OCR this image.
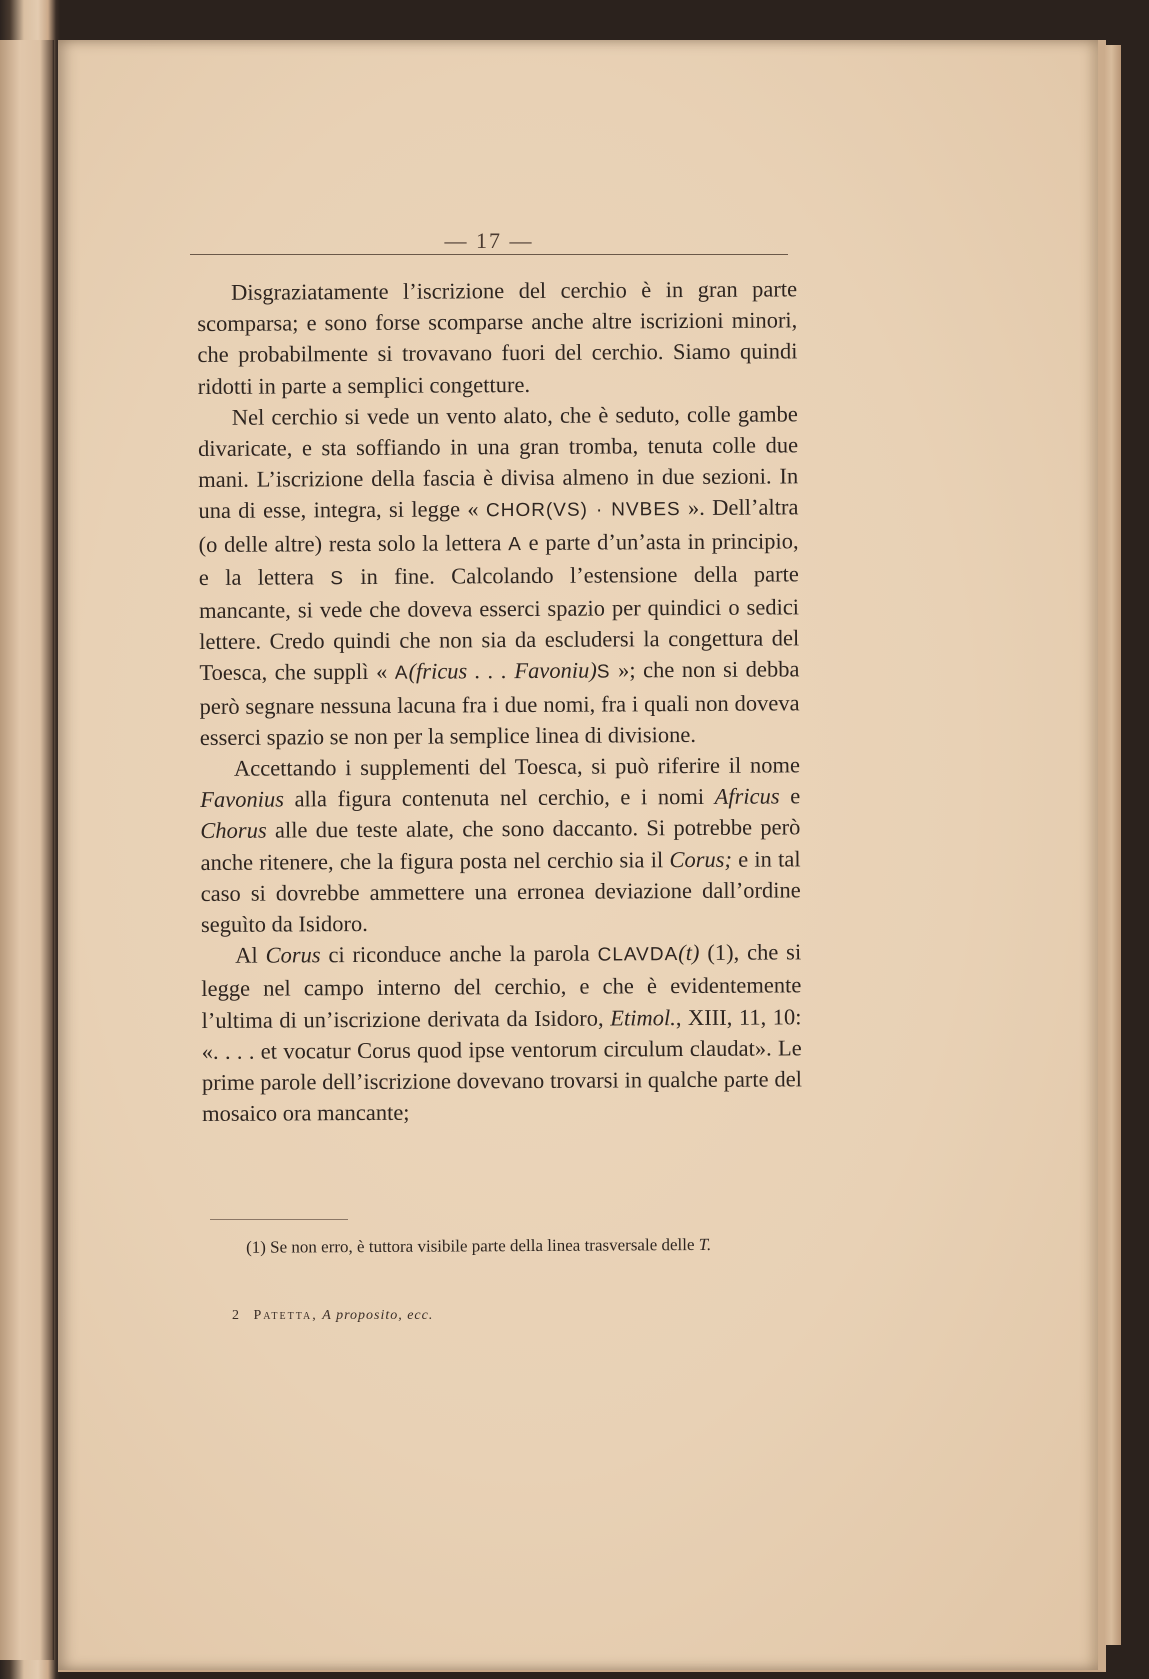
— 17 —

Disgraziatamente l’iscrizione del cerchio è in gran parte scomparsa; e sono forse scomparse anche altre iscrizioni minori, che probabilmente si trovavano fuori del cerchio. Siamo quindi ridotti in parte a semplici congetture.

Nel cerchio si vede un vento alato, che è seduto, colle gambe divaricate, e sta soffiando in una gran tromba, tenuta colle due mani. L’iscrizione della fascia è divisa almeno in due sezioni. In una di esse, integra, si legge « CHOR(VS) · NVBES ». Dell’altra (o delle altre) resta solo la lettera A e parte d’un’asta in principio, e la lettera S in fine. Calcolando l’estensione della parte mancante, si vede che doveva esserci spazio per quindici o sedici lettere. Credo quindi che non sia da escludersi la congettura del Toesca, che supplì « A(fricus . . . Favoniu)S »; che non si debba però segnare nessuna lacuna fra i due nomi, fra i quali non doveva esserci spazio se non per la semplice linea di divisione.

Accettando i supplementi del Toesca, si può riferire il nome Favonius alla figura contenuta nel cerchio, e i nomi Africus e Chorus alle due teste alate, che sono daccanto. Si potrebbe però anche ritenere, che la figura posta nel cerchio sia il Corus; e in tal caso si dovrebbe ammettere una erronea deviazione dall’ordine seguìto da Isidoro.

Al Corus ci riconduce anche la parola CLAVDA(t) (1), che si legge nel campo interno del cerchio, e che è evidentemente l’ultima di un’iscrizione derivata da Isidoro, Etimol., XIII, 11, 10: «. . . . et vocatur Corus quod ipse ventorum circulum claudat». Le prime parole dell’iscrizione dovevano trovarsi in qualche parte del mosaico ora mancante;

(1) Se non erro, è tuttora visibile parte della linea trasversale delle T.
2 Patetta, A proposito, ecc.
